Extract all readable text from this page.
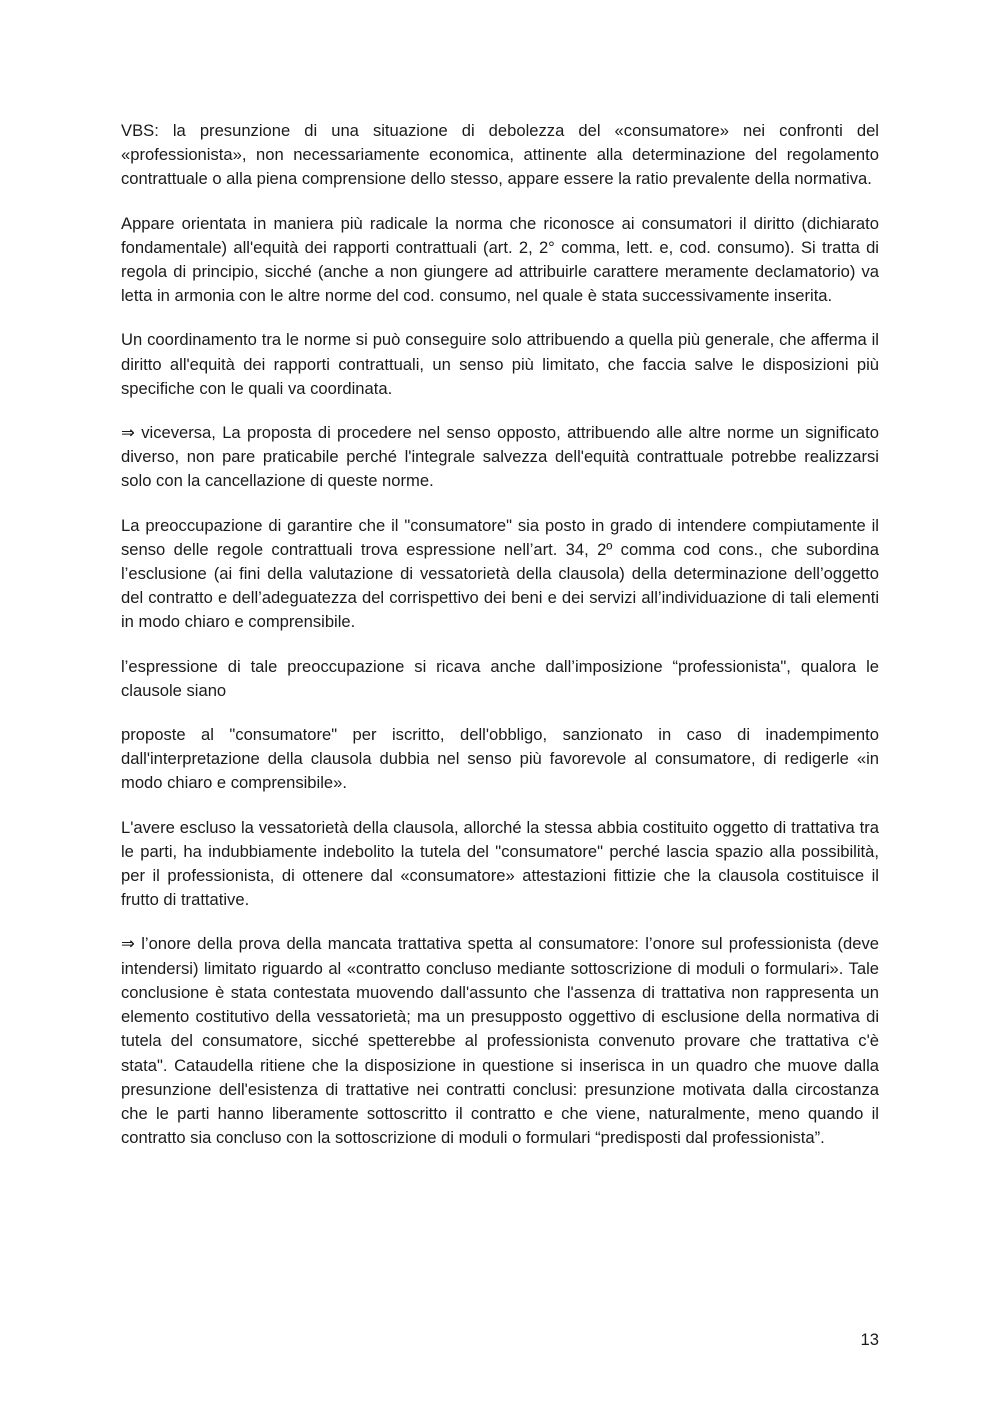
VBS: la presunzione di una situazione di debolezza del «consumatore» nei confronti del «professionista», non necessariamente economica, attinente alla determinazione del regolamento contrattuale o alla piena comprensione dello stesso, appare essere la ratio prevalente della normativa.

Appare orientata in maniera più radicale la norma che riconosce ai consumatori il diritto (dichiarato fondamentale) all'equità dei rapporti contrattuali (art. 2, 2° comma, lett. e, cod. consumo). Si tratta di regola di principio, sicché (anche a non giungere ad attribuirle carattere meramente declamatorio) va letta in armonia con le altre norme del cod. consumo, nel quale è stata successivamente inserita.

Un coordinamento tra le norme si può conseguire solo attribuendo a quella più generale, che afferma il diritto all'equità dei rapporti contrattuali, un senso più limitato, che faccia salve le disposizioni più specifiche con le quali va coordinata.

⇒ viceversa, La proposta di procedere nel senso opposto, attribuendo alle altre norme un significato diverso, non pare praticabile perché l'integrale salvezza dell'equità contrattuale potrebbe realizzarsi solo con la cancellazione di queste norme.

La preoccupazione di garantire che il "consumatore" sia posto in grado di intendere compiutamente il senso delle regole contrattuali trova espressione nell’art. 34, 2º comma cod cons., che subordina l’esclusione (ai fini della valutazione di vessatorietà della clausola) della determinazione dell’oggetto del contratto e dell’adeguatezza del corrispettivo dei beni e dei servizi all’individuazione di tali elementi in modo chiaro e comprensibile.

l’espressione di tale preoccupazione si ricava anche dall’imposizione “professionista", qualora le clausole siano

proposte al "consumatore" per iscritto, dell'obbligo, sanzionato in caso di inadempimento dall'interpretazione della clausola dubbia nel senso più favorevole al consumatore, di redigerle «in modo chiaro e comprensibile».

L'avere escluso la vessatorietà della clausola, allorché la stessa abbia costituito oggetto di trattativa tra le parti, ha indubbiamente indebolito la tutela del "consumatore" perché lascia spazio alla possibilità, per il professionista, di ottenere dal «consumatore» attestazioni fittizie che la clausola costituisce il frutto di trattative.

⇒ l’onore della prova della mancata trattativa spetta al consumatore: l’onore sul professionista (deve intendersi) limitato riguardo al «contratto concluso mediante sottoscrizione di moduli o formulari». Tale conclusione è stata contestata muovendo dall'assunto che l'assenza di trattativa non rappresenta un elemento costitutivo della vessatorietà; ma un presupposto oggettivo di esclusione della normativa di tutela del consumatore, sicché spetterebbe al professionista convenuto provare che trattativa c'è stata". Cataudella ritiene che la disposizione in questione si inserisca in un quadro che muove dalla presunzione dell'esistenza di trattative nei contratti conclusi: presunzione motivata dalla circostanza che le parti hanno liberamente sottoscritto il contratto e che viene, naturalmente, meno quando il contratto sia concluso con la sottoscrizione di moduli o formulari “predisposti dal professionista”.

13
